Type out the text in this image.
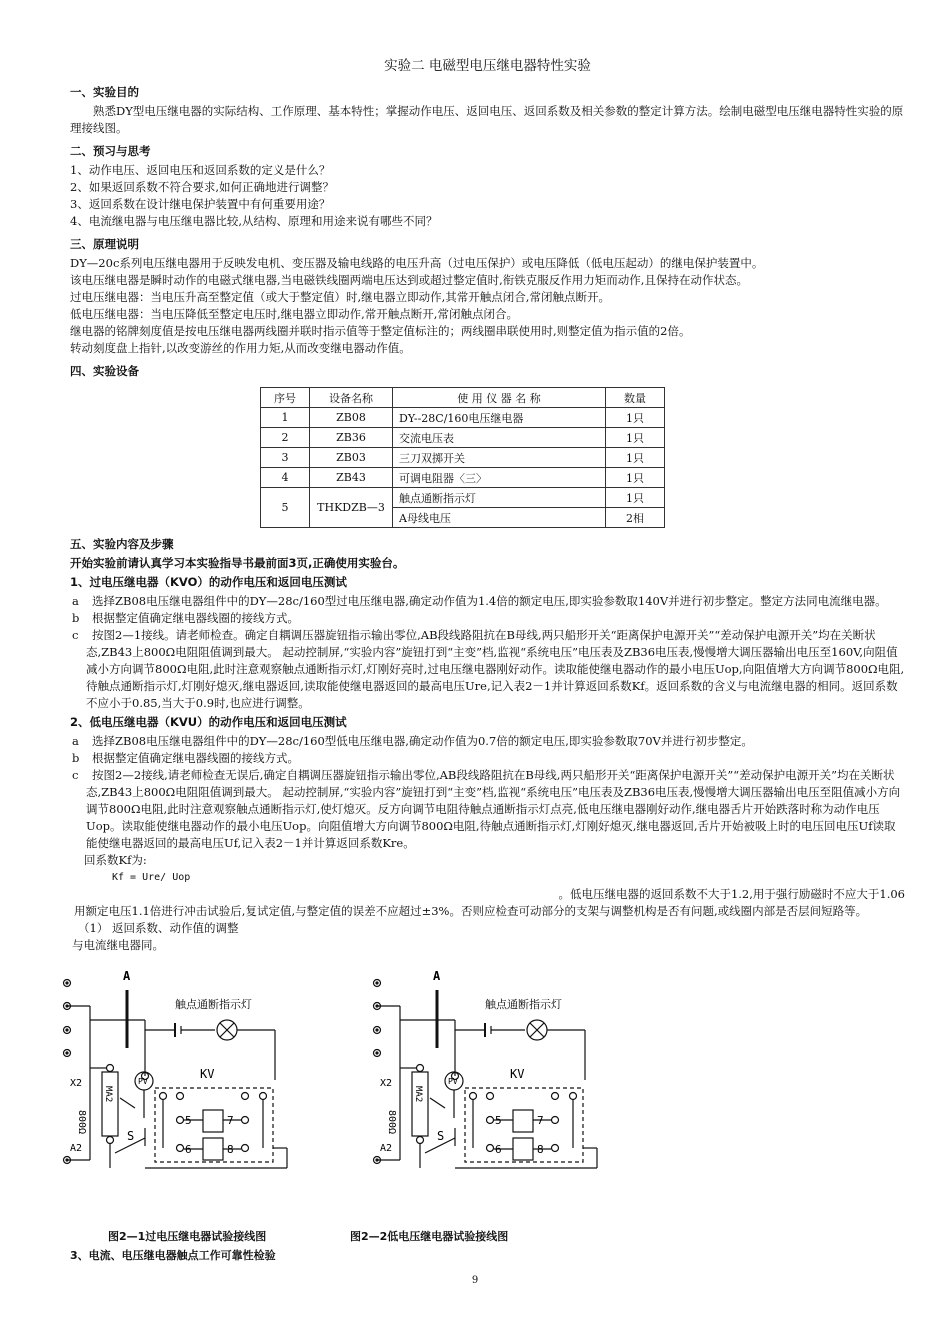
实验二 电磁型电压继电器特性实验
一、实验目的

熟悉DY型电压继电器的实际结构、工作原理、基本特性；掌握动作电压、返回电压、返回系数及相关参数的整定计算方法。绘制电磁型电压继电器特性实验的原理接线图。

二、预习与思考

1、动作电压、返回电压和返回系数的定义是什么？

2、如果返回系数不符合要求,如何正确地进行调整？

3、返回系数在设计继电保护装置中有何重要用途？

4、电流继电器与电压继电器比较,从结构、原理和用途来说有哪些不同？

三、原理说明

DY—20c系列电压继电器用于反映发电机、变压器及输电线路的电压升高（过电压保护）或电压降低（低电压起动）的继电保护装置中。

该电压继电器是瞬时动作的电磁式继电器,当电磁铁线圈两端电压达到或超过整定值时,衔铁克服反作用力矩而动作,且保持在动作状态。

过电压继电器：当电压升高至整定值（或大于整定值）时,继电器立即动作,其常开触点闭合,常闭触点断开。

低电压继电器：当电压降低至整定电压时,继电器立即动作,常开触点断开,常闭触点闭合。

继电器的铭牌刻度值是按电压继电器两线圈并联时指示值等于整定值标注的；两线圈串联使用时,则整定值为指示值的2倍。

转动刻度盘上指针,以改变游丝的作用力矩,从而改变继电器动作值。

四、实验设备
序号	设备名称	使 用 仪 器 名 称	数量
1	ZB08	DY--28C/160电压继电器	1只
2	ZB36	交流电压表	1只
3	ZB03	三刀双掷开关	1只
4	ZB43	可调电阻器〈三〉	1只
5	THKDZB—3	触点通断指示灯	1只
		A母线电压	2相
五、实验内容及步骤

开始实验前请认真学习本实验指导书最前面3页,正确使用实验台。

1、过电压继电器（KVO）的动作电压和返回电压测试

a 选择ZB08电压继电器组件中的DY—28c/160型过电压继电器,确定动作值为1.4倍的额定电压,即实验参数取140V并进行初步整定。整定方法同电流继电器。
b 根据整定值确定继电器线圈的接线方式。
c 按图2—1接线。请老师检查。确定自耦调压器旋钮指示输出零位,AB段线路阻抗在B母线,两只船形开关“距离保护电源开关”“差动保护电源开关”均在关断状态,ZB43上800Ω电阻阻值调到最大。 起动控制屏,“实验内容”旋钮打到“主变”档,监视“系统电压”电压表及ZB36电压表,慢慢增大调压器输出电压至160V,向阻值减小方向调节800Ω电阻,此时注意观察触点通断指示灯,灯刚好亮时,过电压继电器刚好动作。读取能使继电器动作的最小电压Uop,向阻值增大方向调节800Ω电阻,待触点通断指示灯,灯刚好熄灭,继电器返回,读取能使继电器返回的最高电压Ure,记入表2－1并计算返回系数Kf。返回系数的含义与电流继电器的相同。返回系数不应小于0.85,当大于0.9时,也应进行调整。

2、低电压继电器（KVU）的动作电压和返回电压测试

a 选择ZB08电压继电器组件中的DY—28c/160型低电压继电器,确定动作值为0.7倍的额定电压,即实验参数取70V并进行初步整定。
b 根据整定值确定继电器线圈的接线方式。
c 按图2—2接线,请老师检查无误后,确定自耦调压器旋钮指示输出零位,AB段线路阻抗在B母线,两只船形开关“距离保护电源开关”“差动保护电源开关”均在关断状态,ZB43上800Ω电阻阻值调到最大。 起动控制屏,“实验内容”旋钮打到“主变”档,监视“系统电压”电压表及ZB36电压表,慢慢增大调压器输出电压至阻值减小方向调节800Ω电阻,此时注意观察触点通断指示灯,使灯熄灭。反方向调节电阻待触点通断指示灯点亮,低电压继电器刚好动作,继电器舌片开始跌落时称为动作电压Uop。读取能使继电器动作的最小电压Uop。向阻值增大方向调节800Ω电阻,待触点通断指示灯,灯刚好熄灭,继电器返回,舌片开始被吸上时的电压回电压Uf读取能使继电器返回的最高电压Uf,记入表2－1并计算返回系数Kre。

回系数Kf为:

Kf = Ure/ Uop

。低电压继电器的返回系数不大于1.2,用于强行励磁时不应大于1.06

用额定电压1.1倍进行冲击试验后,复试定值,与整定值的误差不应超过±3%。否则应检查可动部分的支架与调整机构是否有问题,或线圈内部是否层间短路等。

（1） 返回系数、动作值的调整

与电流继电器同。

A
触点通断指示灯
KV
X2
800Ω
MA2
A2
PV
S
5	7
6	8
A
触点通断指示灯
KV
X2
800Ω
MA2
A2
PV
S
5	7
6	8
图2—1过电压继电器试验接线图	图2—2低电压继电器试验接线图
3、电流、电压继电器触点工作可靠性检验
9
